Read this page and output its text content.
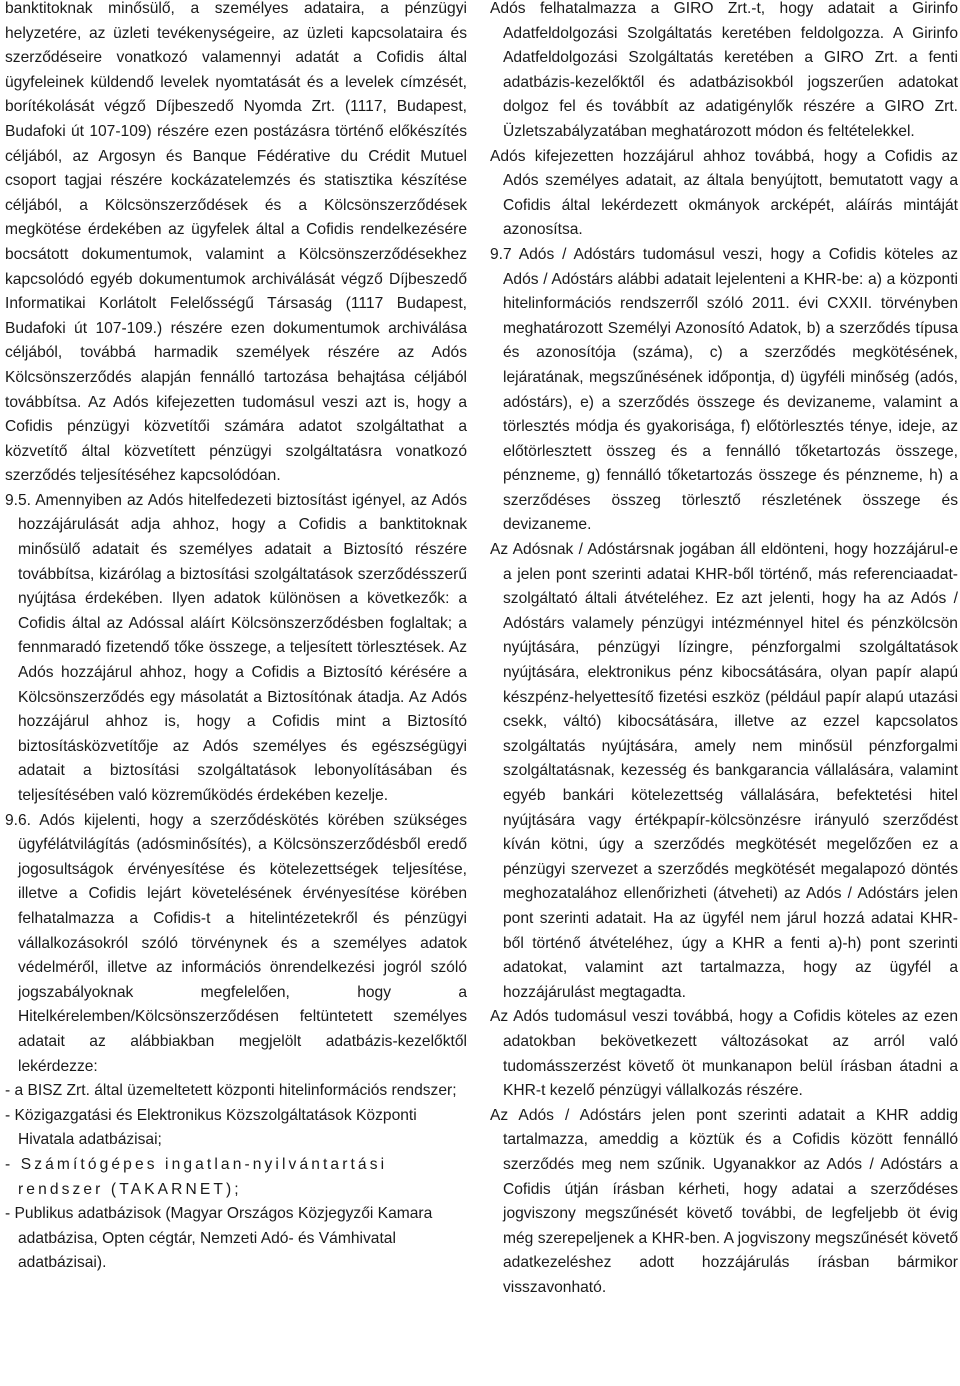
banktitoknak minősülő, a személyes adataira, a pénzügyi helyzetére, az üzleti tevékenységeire, az üzleti kapcsolataira és szerződéseire vonatkozó valamennyi adatát a Cofidis által ügyfeleinek küldendő levelek nyomtatását és a levelek címzését, borítékolását végző Díjbeszedő Nyomda Zrt. (1117, Budapest, Budafoki út 107-109) részére ezen postázásra történő előkészítés céljából, az Argosyn és Banque Fédérative du Crédit Mutuel csoport tagjai részére kockázatelemzés és statisztika készítése céljából, a Kölcsönszerződések és a Kölcsönszerződések megkötése érdekében az ügyfelek által a Cofidis rendelkezésére bocsátott dokumentumok, valamint a Kölcsönszerződésekhez kapcsolódó egyéb dokumentumok archiválását végző Díjbeszedő Informatikai Korlátolt Felelősségű Társaság (1117 Budapest, Budafoki út 107-109.) részére ezen dokumentumok archiválása céljából, továbbá harmadik személyek részére az Adós Kölcsönszerződés alapján fennálló tartozása behajtása céljából továbbítsa. Az Adós kifejezetten tudomásul veszi azt is, hogy a Cofidis pénzügyi közvetítői számára adatot szolgáltathat a közvetítő által közvetített pénzügyi szolgáltatásra vonatkozó szerződés teljesítéséhez kapcsolódóan.

9.5. Amennyiben az Adós hitelfedezeti biztosítást igényel, az Adós hozzájárulását adja ahhoz, hogy a Cofidis a banktitoknak minősülő adatait és személyes adatait a Biztosító részére továbbítsa, kizárólag a biztosítási szolgáltatások szerződésszerű nyújtása érdekében. Ilyen adatok különösen a következők: a Cofidis által az Adóssal aláírt Kölcsönszerződésben foglaltak; a fennmaradó fizetendő tőke összege, a teljesített törlesztések. Az Adós hozzájárul ahhoz, hogy a Cofidis a Biztosító kérésére a Kölcsönszerződés egy másolatát a Biztosítónak átadja. Az Adós hozzájárul ahhoz is, hogy a Cofidis mint a Biztosító biztosításközvetítője az Adós személyes és egészségügyi adatait a biztosítási szolgáltatások lebonyolításában és teljesítésében való közreműködés érdekében kezelje.

9.6. Adós kijelenti, hogy a szerződéskötés körében szükséges ügyfélátvilágítás (adósminősítés), a Kölcsönszerződésből eredő jogosultságok érvényesítése és kötelezettségek teljesítése, illetve a Cofidis lejárt követelésének érvényesítése körében felhatalmazza a Cofidis-t a hitelintézetekről és pénzügyi vállalkozásokról szóló törvénynek és a személyes adatok védelméről, illetve az információs önrendelkezési jogról szóló jogszabályoknak megfelelően, hogy a Hitelkérelemben/Kölcsönszerződésen feltüntetett személyes adatait az alábbiakban megjelölt adatbázis-kezelőktől lekérdezze:

- a BISZ Zrt. által üzemeltetett központi hitelinformációs rendszer;

- Közigazgatási és Elektronikus Közszolgáltatások Központi Hivatala adatbázisai;

- Számítógépes ingatlan-nyilvántartási rendszer (TAKARNET);

- Publikus adatbázisok (Magyar Országos Közjegyzői Kamara adatbázisa, Opten cégtár, Nemzeti Adó- és Vámhivatal adatbázisai).

Adós felhatalmazza a GIRO Zrt.-t, hogy adatait a Girinfo Adatfeldolgozási Szolgáltatás keretében feldolgozza. A Girinfo Adatfeldolgozási Szolgáltatás keretében a GIRO Zrt. a fenti adatbázis-kezelőktől és adatbázisokból jogszerűen adatokat dolgoz fel és továbbít az adatigénylők részére a GIRO Zrt. Üzletszabályzatában meghatározott módon és feltételekkel.

Adós kifejezetten hozzájárul ahhoz továbbá, hogy a Cofidis az Adós személyes adatait, az általa benyújtott, bemutatott vagy a Cofidis által lekérdezett okmányok arcképét, aláírás mintáját azonosítsa.

9.7 Adós / Adóstárs tudomásul veszi, hogy a Cofidis köteles az Adós / Adóstárs alábbi adatait lejelenteni a KHR-be: a) a központi hitelinformációs rendszerről szóló 2011. évi CXXII. törvényben meghatározott Személyi Azonosító Adatok, b) a szerződés típusa és azonosítója (száma), c) a szerződés megkötésének, lejáratának, megszűnésének időpontja, d) ügyféli minőség (adós, adóstárs), e) a szerződés összege és devizaneme, valamint a törlesztés módja és gyakorisága, f) előtörlesztés ténye, ideje, az előtörlesztett összeg és a fennálló tőketartozás összege, pénzneme, g) fennálló tőketartozás összege és pénzneme, h) a szerződéses összeg törlesztő részletének összege és devizaneme.

Az Adósnak / Adóstársnak jogában áll eldönteni, hogy hozzájárul-e a jelen pont szerinti adatai KHR-ből történő, más referenciaadat-szolgáltató általi átvételéhez. Ez azt jelenti, hogy ha az Adós / Adóstárs valamely pénzügyi intézménnyel hitel és pénzkölcsön nyújtására, pénzügyi lízingre, pénzforgalmi szolgáltatások nyújtására, elektronikus pénz kibocsátására, olyan papír alapú készpénz-helyettesítő fizetési eszköz (például papír alapú utazási csekk, váltó) kibocsátására, illetve az ezzel kapcsolatos szolgáltatás nyújtására, amely nem minősül pénzforgalmi szolgáltatásnak, kezesség és bankgarancia vállalására, valamint egyéb bankári kötelezettség vállalására, befektetési hitel nyújtására vagy értékpapír-kölcsönzésre irányuló szerződést kíván kötni, úgy a szerződés megkötését megelőzően ez a pénzügyi szervezet a szerződés megkötését megalapozó döntés meghozatalához ellenőrizheti (átveheti) az Adós / Adóstárs jelen pont szerinti adatait. Ha az ügyfél nem járul hozzá adatai KHR-ből történő átvételéhez, úgy a KHR a fenti a)-h) pont szerinti adatokat, valamint azt tartalmazza, hogy az ügyfél a hozzájárulást megtagadta.

Az Adós tudomásul veszi továbbá, hogy a Cofidis köteles az ezen adatokban bekövetkezett változásokat az arról való tudomásszerzést követő öt munkanapon belül írásban átadni a KHR-t kezelő pénzügyi vállalkozás részére.

Az Adós / Adóstárs jelen pont szerinti adatait a KHR addig tartalmazza, ameddig a köztük és a Cofidis között fennálló szerződés meg nem szűnik. Ugyanakkor az Adós / Adóstárs a Cofidis útján írásban kérheti, hogy adatai a szerződéses jogviszony megszűnését követő további, de legfeljebb öt évig még szerepeljenek a KHR-ben. A jogviszony megszűnését követő adatkezeléshez adott hozzájárulás írásban bármikor visszavonható.
